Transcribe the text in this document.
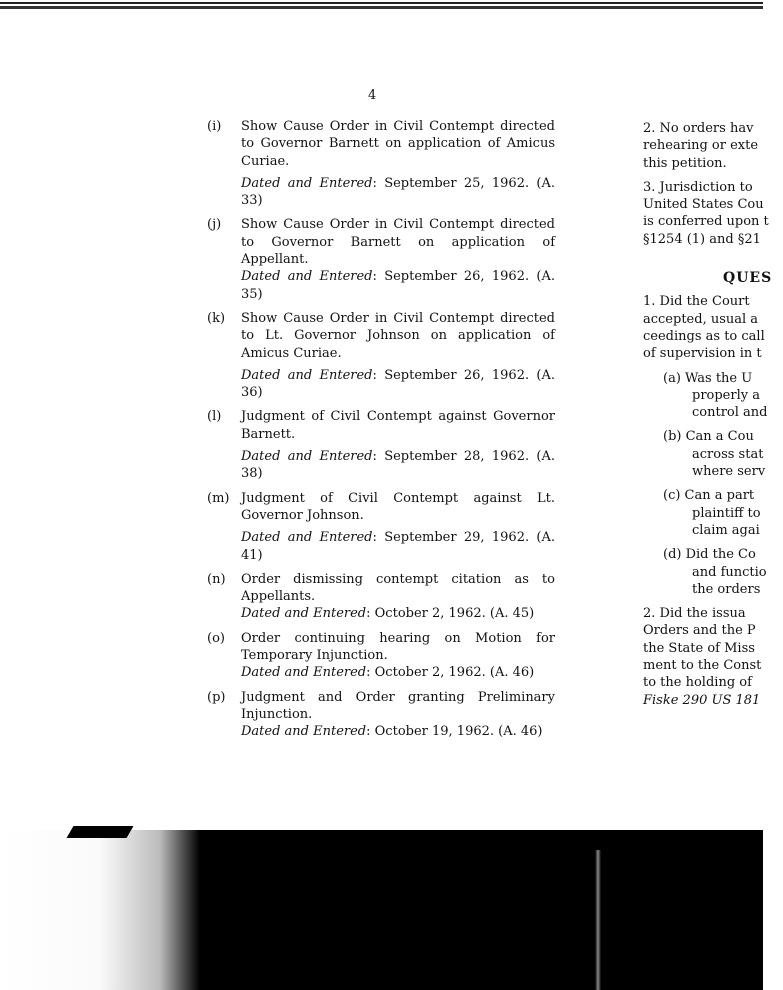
4
(i) Show Cause Order in Civil Contempt directed to Governor Barnett on application of Amicus Curiae.
Dated and Entered: September 25, 1962. (A. 33)
(j) Show Cause Order in Civil Contempt directed to Governor Barnett on application of Appellant.
Dated and Entered: September 26, 1962. (A. 35)
(k) Show Cause Order in Civil Contempt directed to Lt. Governor Johnson on application of Amicus Curiae.
Dated and Entered: September 26, 1962. (A. 36)
(l) Judgment of Civil Contempt against Governor Barnett.
Dated and Entered: September 28, 1962. (A. 38)
(m) Judgment of Civil Contempt against Lt. Governor Johnson.
Dated and Entered: September 29, 1962. (A. 41)
(n) Order dismissing contempt citation as to Appellants.
Dated and Entered: October 2, 1962. (A. 45)
(o) Order continuing hearing on Motion for Temporary Injunction.
Dated and Entered: October 2, 1962. (A. 46)
(p) Judgment and Order granting Preliminary Injunction.
Dated and Entered: October 19, 1962. (A. 46)
2. No orders hav
rehearing or exte
this petition.
3. Jurisdiction to
United States Cou
is conferred upon t
§1254 (1) and §21
QUES
1. Did the Court
accepted, usual a
ceedings as to call
of supervision in t
(a) Was the U
properly a
control and
(b) Can a Cou
across stat
where serv
(c) Can a part
plaintiff to
claim agai
(d) Did the Co
and functio
the orders
2. Did the issua
Orders and the P
the State of Miss
ment to the Const
to the holding of
Fiske 290 US 181
